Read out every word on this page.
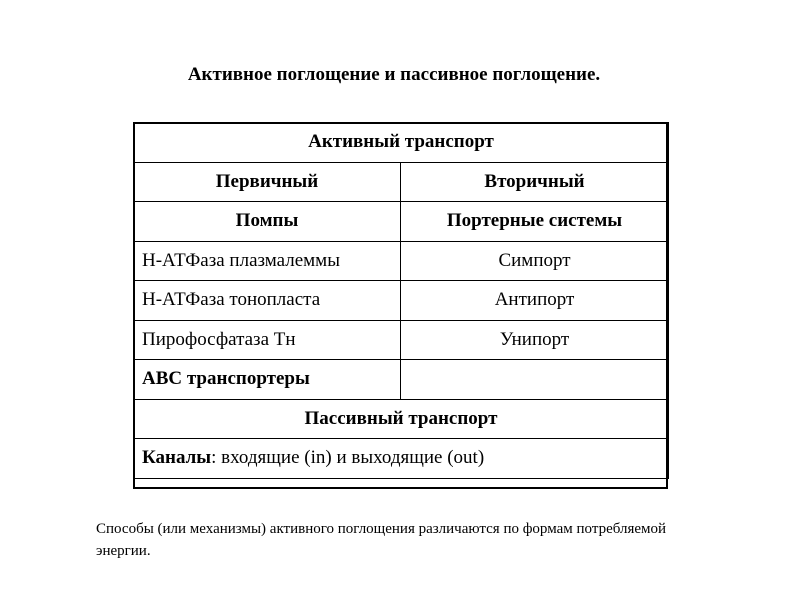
Активное поглощение и пассивное поглощение.
Активный транспорт	
Первичный	Вторичный
Помпы	Портерные системы
H-АТФаза плазмалеммы	Симпорт
H-АТФаза тонопласта	Антипорт
Пирофосфатаза Тн	Унипорт
ABC транспортеры	
Пассивный транспорт	
Каналы: входящие (in) и выходящие (out)	
Способы (или механизмы) активного поглощения различаются по формам потребляемой энергии.
